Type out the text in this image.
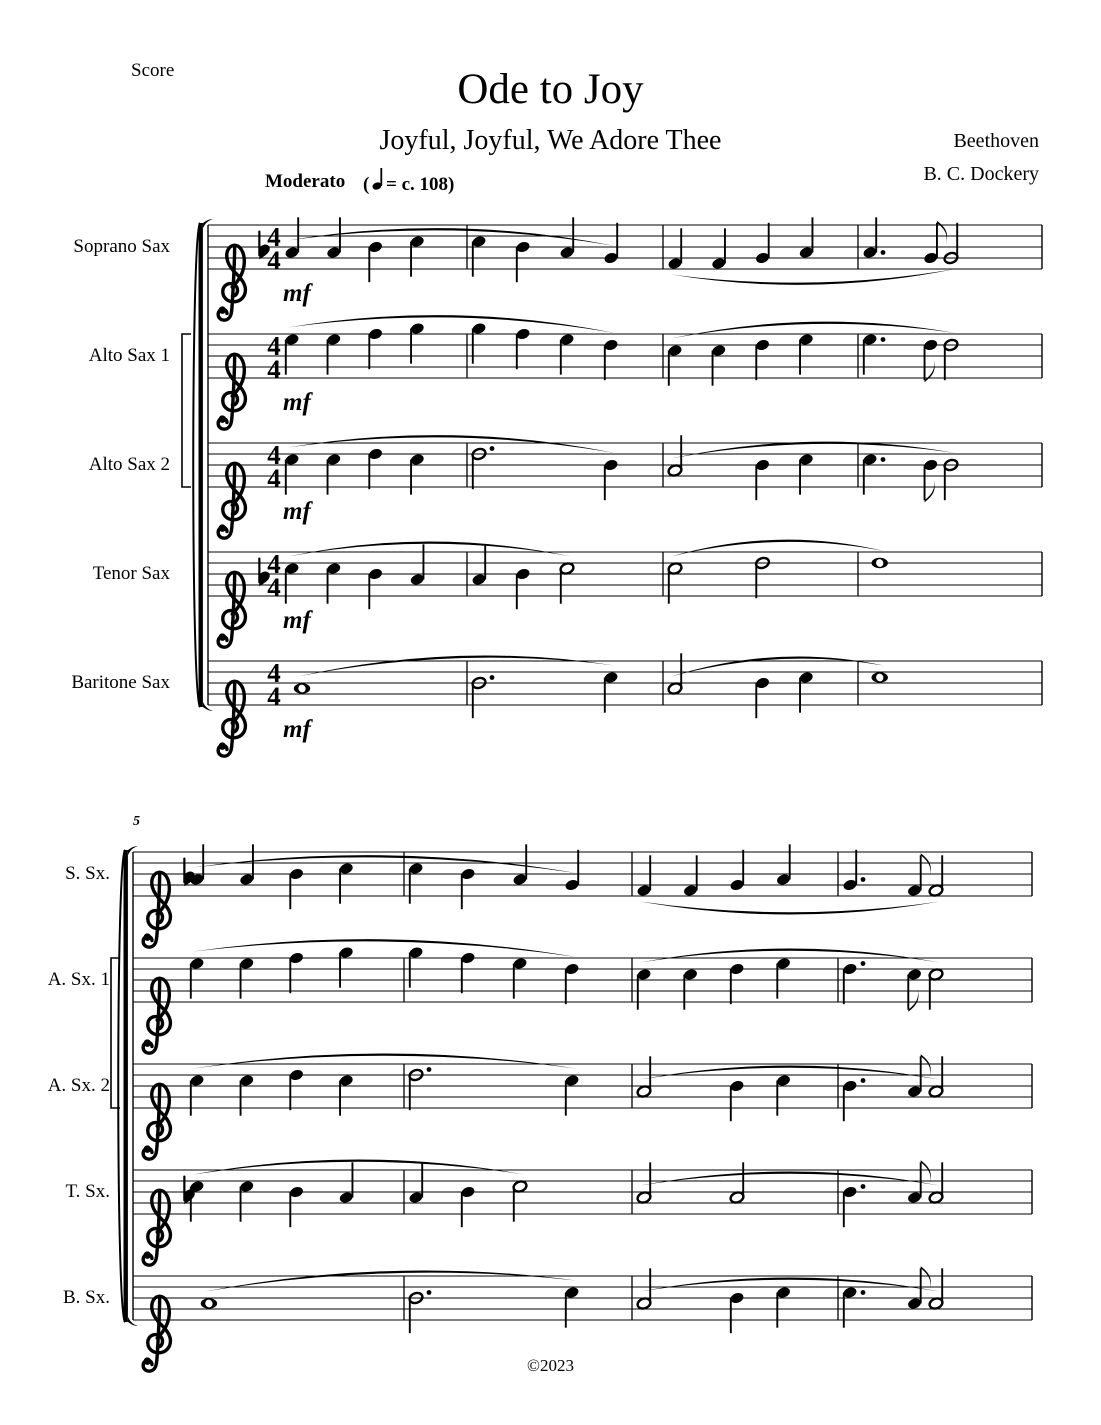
4
4
4
4
4
4
4
4
4
4
( = c. 108)
Score	Ode to Joy
Joyful, Joyful, We Adore Thee	Beethoven
B. C. Dockery
Moderato
©2023
5
Soprano Sax
Alto Sax 1
Alto Sax 2
Tenor Sax
Baritone Sax
S. Sx.
A. Sx. 1
A. Sx. 2
T. Sx.
B. Sx.
mf
mf
mf
mf
mf
